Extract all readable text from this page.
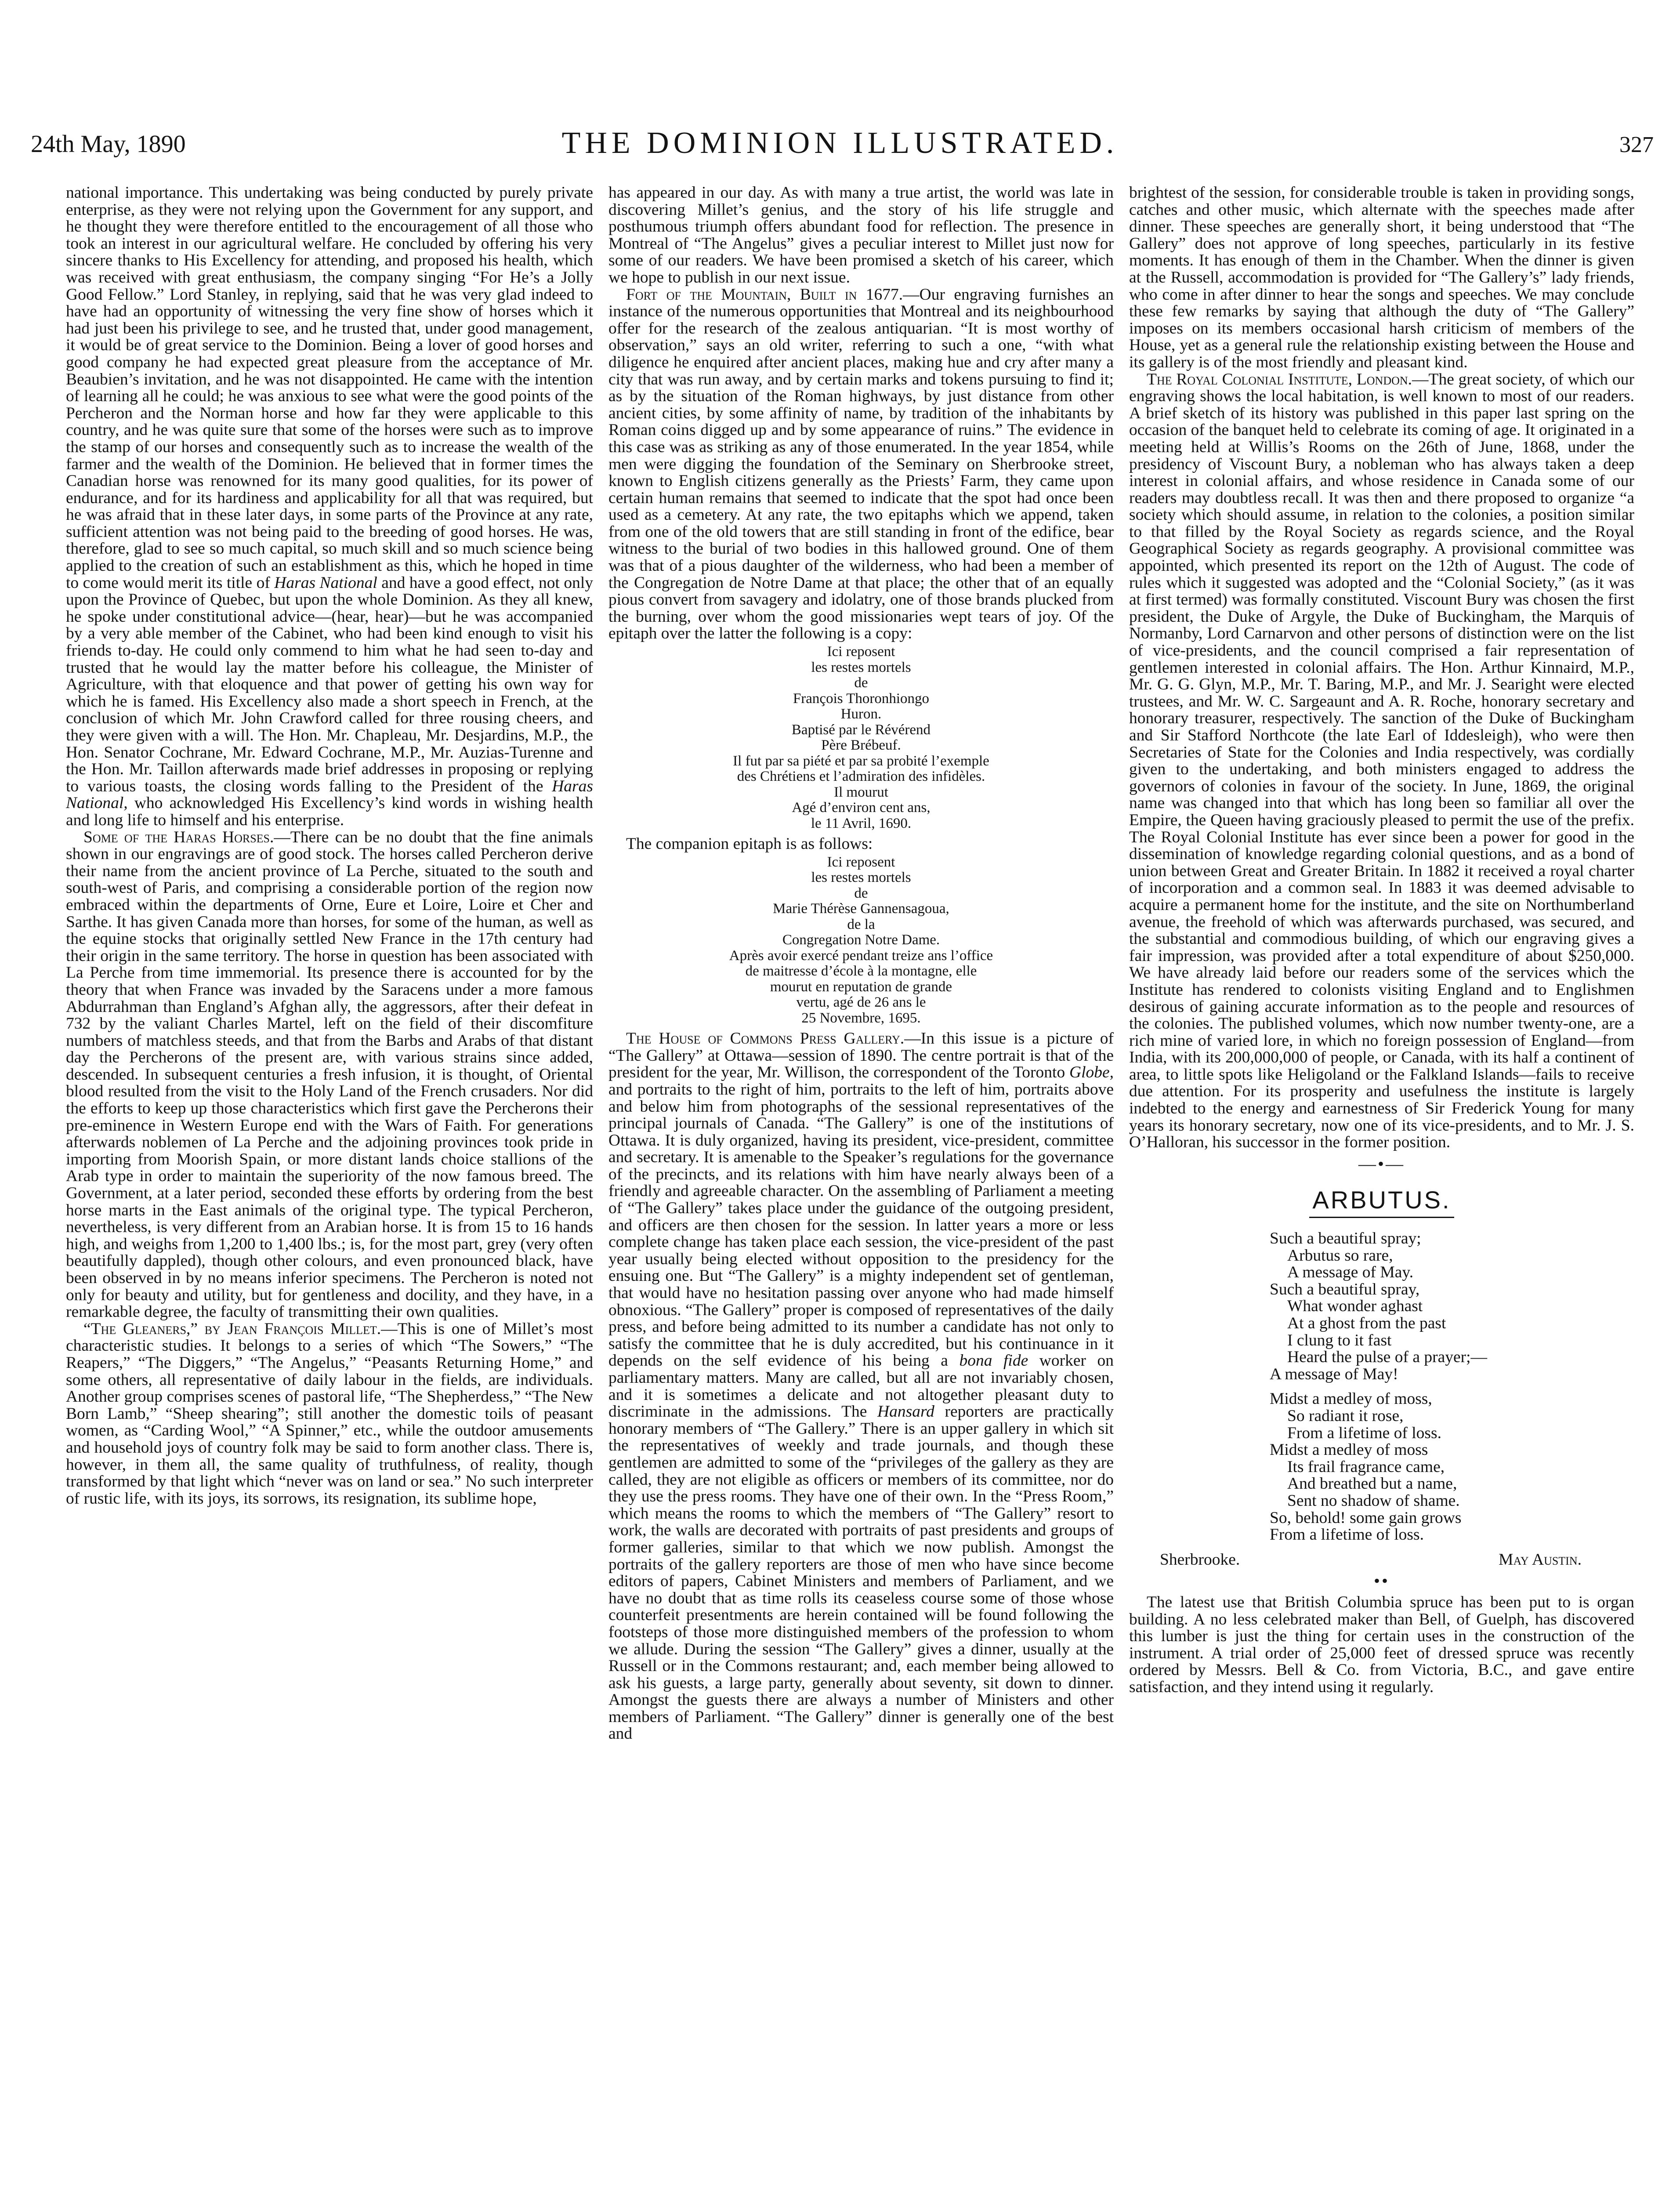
24th May, 1890	THE DOMINION ILLUSTRATED.	327

national importance. This undertaking was being conducted by purely private enterprise, as they were not relying upon the Government for any support, and he thought they were therefore entitled to the encouragement of all those who took an interest in our agricultural welfare. He concluded by offering his very sincere thanks to His Excellency for attending, and proposed his health, which was received with great enthusiasm, the company singing “For He’s a Jolly Good Fellow.” Lord Stanley, in replying, said that he was very glad indeed to have had an opportunity of witnessing the very fine show of horses which it had just been his privilege to see, and he trusted that, under good management, it would be of great service to the Dominion. Being a lover of good horses and good company he had expected great pleasure from the acceptance of Mr. Beaubien’s invitation, and he was not disappointed. He came with the intention of learning all he could; he was anxious to see what were the good points of the Percheron and the Norman horse and how far they were applicable to this country, and he was quite sure that some of the horses were such as to improve the stamp of our horses and consequently such as to increase the wealth of the farmer and the wealth of the Dominion. He believed that in former times the Canadian horse was renowned for its many good qualities, for its power of endurance, and for its hardiness and applicability for all that was required, but he was afraid that in these later days, in some parts of the Province at any rate, sufficient attention was not being paid to the breeding of good horses. He was, therefore, glad to see so much capital, so much skill and so much science being applied to the creation of such an establishment as this, which he hoped in time to come would merit its title of Haras National and have a good effect, not only upon the Province of Quebec, but upon the whole Dominion. As they all knew, he spoke under constitutional advice—(hear, hear)—but he was accompanied by a very able member of the Cabinet, who had been kind enough to visit his friends to-day. He could only commend to him what he had seen to-day and trusted that he would lay the matter before his colleague, the Minister of Agriculture, with that eloquence and that power of getting his own way for which he is famed. His Excellency also made a short speech in French, at the conclusion of which Mr. John Crawford called for three rousing cheers, and they were given with a will. The Hon. Mr. Chapleau, Mr. Desjardins, M.P., the Hon. Senator Cochrane, Mr. Edward Cochrane, M.P., Mr. Auzias-Turenne and the Hon. Mr. Taillon afterwards made brief addresses in proposing or replying to various toasts, the closing words falling to the President of the Haras National, who acknowledged His Excellency’s kind words in wishing health and long life to himself and his enterprise.

Some of the Haras Horses.—There can be no doubt that the fine animals shown in our engravings are of good stock. The horses called Percheron derive their name from the ancient province of La Perche, situated to the south and south-west of Paris, and comprising a considerable portion of the region now embraced within the departments of Orne, Eure et Loire, Loire et Cher and Sarthe. It has given Canada more than horses, for some of the human, as well as the equine stocks that originally settled New France in the 17th century had their origin in the same territory. The horse in question has been associated with La Perche from time immemorial. Its presence there is accounted for by the theory that when France was invaded by the Saracens under a more famous Abdurrahman than England’s Afghan ally, the aggressors, after their defeat in 732 by the valiant Charles Martel, left on the field of their discomfiture numbers of matchless steeds, and that from the Barbs and Arabs of that distant day the Percherons of the present are, with various strains since added, descended. In subsequent centuries a fresh infusion, it is thought, of Oriental blood resulted from the visit to the Holy Land of the French crusaders. Nor did the efforts to keep up those characteristics which first gave the Percherons their pre-eminence in Western Europe end with the Wars of Faith. For generations afterwards noblemen of La Perche and the adjoining provinces took pride in importing from Moorish Spain, or more distant lands choice stallions of the Arab type in order to maintain the superiority of the now famous breed. The Government, at a later period, seconded these efforts by ordering from the best horse marts in the East animals of the original type. The typical Percheron, nevertheless, is very different from an Arabian horse. It is from 15 to 16 hands high, and weighs from 1,200 to 1,400 lbs.; is, for the most part, grey (very often beautifully dappled), though other colours, and even pronounced black, have been observed in by no means inferior specimens. The Percheron is noted not only for beauty and utility, but for gentleness and docility, and they have, in a remarkable degree, the faculty of transmitting their own qualities.

“The Gleaners,” by Jean François Millet.—This is one of Millet’s most characteristic studies. It belongs to a series of which “The Sowers,” “The Reapers,” “The Diggers,” “The Angelus,” “Peasants Returning Home,” and some others, all representative of daily labour in the fields, are individuals. Another group comprises scenes of pastoral life, “The Shepherdess,” “The New Born Lamb,” “Sheep shearing”; still another the domestic toils of peasant women, as “Carding Wool,” “A Spinner,” etc., while the outdoor amusements and household joys of country folk may be said to form another class. There is, however, in them all, the same quality of truthfulness, of reality, though transformed by that light which “never was on land or sea.” No such interpreter of rustic life, with its joys, its sorrows, its resignation, its sublime hope,

has appeared in our day. As with many a true artist, the world was late in discovering Millet’s genius, and the story of his life struggle and posthumous triumph offers abundant food for reflection. The presence in Montreal of “The Angelus” gives a peculiar interest to Millet just now for some of our readers. We have been promised a sketch of his career, which we hope to publish in our next issue.

Fort of the Mountain, Built in 1677.—Our engraving furnishes an instance of the numerous opportunities that Montreal and its neighbourhood offer for the research of the zealous antiquarian. “It is most worthy of observation,” says an old writer, referring to such a one, “with what diligence he enquired after ancient places, making hue and cry after many a city that was run away, and by certain marks and tokens pursuing to find it; as by the situation of the Roman highways, by just distance from other ancient cities, by some affinity of name, by tradition of the inhabitants by Roman coins digged up and by some appearance of ruins.” The evidence in this case was as striking as any of those enumerated. In the year 1854, while men were digging the foundation of the Seminary on Sherbrooke street, known to English citizens generally as the Priests’ Farm, they came upon certain human remains that seemed to indicate that the spot had once been used as a cemetery. At any rate, the two epitaphs which we append, taken from one of the old towers that are still standing in front of the edifice, bear witness to the burial of two bodies in this hallowed ground. One of them was that of a pious daughter of the wilderness, who had been a member of the Congregation de Notre Dame at that place; the other that of an equally pious convert from savagery and idolatry, one of those brands plucked from the burning, over whom the good missionaries wept tears of joy. Of the epitaph over the latter the following is a copy:

Ici reposent
les restes mortels
de
François Thoronhiongo
Huron.
Baptisé par le Révérend
Père Brébeuf.
Il fut par sa piété et par sa probité l’exemple
des Chrétiens et l’admiration des infidèles.
Il mourut
Agé d’environ cent ans,
le 11 Avril, 1690.

The companion epitaph is as follows:

Ici reposent
les restes mortels
de
Marie Thérèse Gannensagoua,
de la
Congregation Notre Dame.
Après avoir exercé pendant treize ans l’office
de maitresse d’école à la montagne, elle
mourut en reputation de grande
vertu, agé de 26 ans le
25 Novembre, 1695.

The House of Commons Press Gallery.—In this issue is a picture of “The Gallery” at Ottawa—session of 1890. The centre portrait is that of the president for the year, Mr. Willison, the correspondent of the Toronto Globe, and portraits to the right of him, portraits to the left of him, portraits above and below him from photographs of the sessional representatives of the principal journals of Canada. “The Gallery” is one of the institutions of Ottawa. It is duly organized, having its president, vice-president, committee and secretary. It is amenable to the Speaker’s regulations for the governance of the precincts, and its relations with him have nearly always been of a friendly and agreeable character. On the assembling of Parliament a meeting of “The Gallery” takes place under the guidance of the outgoing president, and officers are then chosen for the session. In latter years a more or less complete change has taken place each session, the vice-president of the past year usually being elected without opposition to the presidency for the ensuing one. But “The Gallery” is a mighty independent set of gentleman, that would have no hesitation passing over anyone who had made himself obnoxious. “The Gallery” proper is composed of representatives of the daily press, and before being admitted to its number a candidate has not only to satisfy the committee that he is duly accredited, but his continuance in it depends on the self evidence of his being a bona fide worker on parliamentary matters. Many are called, but all are not invariably chosen, and it is sometimes a delicate and not altogether pleasant duty to discriminate in the admissions. The Hansard reporters are practically honorary members of “The Gallery.” There is an upper gallery in which sit the representatives of weekly and trade journals, and though these gentlemen are admitted to some of the “privileges of the gallery as they are called, they are not eligible as officers or members of its committee, nor do they use the press rooms. They have one of their own. In the “Press Room,” which means the rooms to which the members of “The Gallery” resort to work, the walls are decorated with portraits of past presidents and groups of former galleries, similar to that which we now publish. Amongst the portraits of the gallery reporters are those of men who have since become editors of papers, Cabinet Ministers and members of Parliament, and we have no doubt that as time rolls its ceaseless course some of those whose counterfeit presentments are herein contained will be found following the footsteps of those more distinguished members of the profession to whom we allude. During the session “The Gallery” gives a dinner, usually at the Russell or in the Commons restaurant; and, each member being allowed to ask his guests, a large party, generally about seventy, sit down to dinner. Amongst the guests there are always a number of Ministers and other members of Parliament. “The Gallery” dinner is generally one of the best and

brightest of the session, for considerable trouble is taken in providing songs, catches and other music, which alternate with the speeches made after dinner. These speeches are generally short, it being understood that “The Gallery” does not approve of long speeches, particularly in its festive moments. It has enough of them in the Chamber. When the dinner is given at the Russell, accommodation is provided for “The Gallery’s” lady friends, who come in after dinner to hear the songs and speeches. We may conclude these few remarks by saying that although the duty of “The Gallery” imposes on its members occasional harsh criticism of members of the House, yet as a general rule the relationship existing between the House and its gallery is of the most friendly and pleasant kind.

The Royal Colonial Institute, London.—The great society, of which our engraving shows the local habitation, is well known to most of our readers. A brief sketch of its history was published in this paper last spring on the occasion of the banquet held to celebrate its coming of age. It originated in a meeting held at Willis’s Rooms on the 26th of June, 1868, under the presidency of Viscount Bury, a nobleman who has always taken a deep interest in colonial affairs, and whose residence in Canada some of our readers may doubtless recall. It was then and there proposed to organize “a society which should assume, in relation to the colonies, a position similar to that filled by the Royal Society as regards science, and the Royal Geographical Society as regards geography. A provisional committee was appointed, which presented its report on the 12th of August. The code of rules which it suggested was adopted and the “Colonial Society,” (as it was at first termed) was formally constituted. Viscount Bury was chosen the first president, the Duke of Argyle, the Duke of Buckingham, the Marquis of Normanby, Lord Carnarvon and other persons of distinction were on the list of vice-presidents, and the council comprised a fair representation of gentlemen interested in colonial affairs. The Hon. Arthur Kinnaird, M.P., Mr. G. G. Glyn, M.P., Mr. T. Baring, M.P., and Mr. J. Searight were elected trustees, and Mr. W. C. Sargeaunt and A. R. Roche, honorary secretary and honorary treasurer, respectively. The sanction of the Duke of Buckingham and Sir Stafford Northcote (the late Earl of Iddesleigh), who were then Secretaries of State for the Colonies and India respectively, was cordially given to the undertaking, and both ministers engaged to address the governors of colonies in favour of the society. In June, 1869, the original name was changed into that which has long been so familiar all over the Empire, the Queen having graciously pleased to permit the use of the prefix. The Royal Colonial Institute has ever since been a power for good in the dissemination of knowledge regarding colonial questions, and as a bond of union between Great and Greater Britain. In 1882 it received a royal charter of incorporation and a common seal. In 1883 it was deemed advisable to acquire a permanent home for the institute, and the site on Northumberland avenue, the freehold of which was afterwards purchased, was secured, and the substantial and commodious building, of which our engraving gives a fair impression, was provided after a total expenditure of about $250,000. We have already laid before our readers some of the services which the Institute has rendered to colonists visiting England and to Englishmen desirous of gaining accurate information as to the people and resources of the colonies. The published volumes, which now number twenty-one, are a rich mine of varied lore, in which no foreign possession of England—from India, with its 200,000,000 of people, or Canada, with its half a continent of area, to little spots like Heligoland or the Falkland Islands—fails to receive due attention. For its prosperity and usefulness the institute is largely indebted to the energy and earnestness of Sir Frederick Young for many years its honorary secretary, now one of its vice-presidents, and to Mr. J. S. O’Halloran, his successor in the former position.

—•—
ARBUTUS.
Such a beautiful spray;
Arbutus so rare,
A message of May.
Such a beautiful spray,
What wonder aghast
At a ghost from the past
I clung to it fast
Heard the pulse of a prayer;—
A message of May!
Midst a medley of moss,
So radiant it rose,
From a lifetime of loss.
Midst a medley of moss
Its frail fragrance came,
And breathed but a name,
Sent no shadow of shame.
So, behold! some gain grows
From a lifetime of loss.
Sherbrooke.	May Austin.
••

The latest use that British Columbia spruce has been put to is organ building. A no less celebrated maker than Bell, of Guelph, has discovered this lumber is just the thing for certain uses in the construction of the instrument. A trial order of 25,000 feet of dressed spruce was recently ordered by Messrs. Bell & Co. from Victoria, B.C., and gave entire satisfaction, and they intend using it regularly.
